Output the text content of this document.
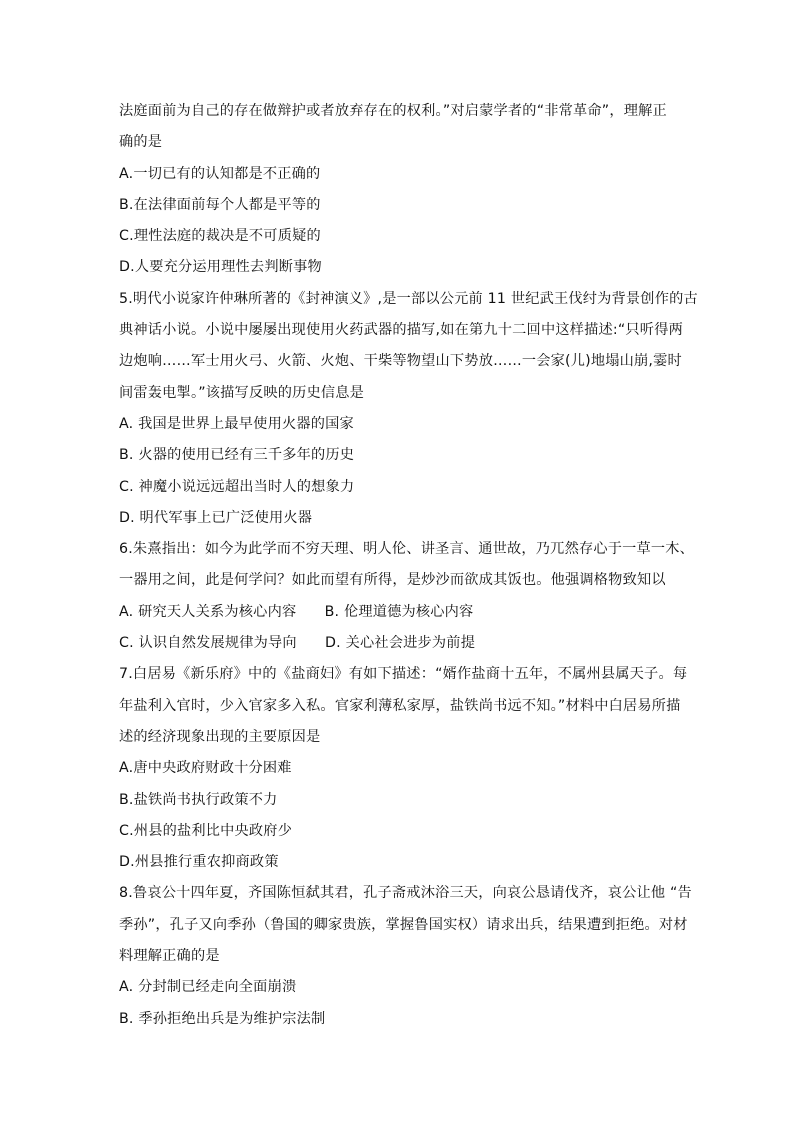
法庭面前为自己的存在做辩护或者放弃存在的权利。”对启蒙学者的“非常革命”，理解正
确的是
A.一切已有的认知都是不正确的
B.在法律面前每个人都是平等的
C.理性法庭的裁决是不可质疑的
D.人要充分运用理性去判断事物
5.明代小说家许仲琳所著的《封神演义》,是一部以公元前 11 世纪武王伐纣为背景创作的古
典神话小说。小说中屡屡出现使用火药武器的描写,如在第九十二回中这样描述:“只听得两
边炮响……军士用火弓、火箭、火炮、干柴等物望山下势放……一会家(儿)地塌山崩,霎时
间雷轰电掣。”该描写反映的历史信息是
A. 我国是世界上最早使用火器的国家
B. 火器的使用已经有三千多年的历史
C. 神魔小说远远超出当时人的想象力
D. 明代军事上已广泛使用火器
6.朱熹指出：如今为此学而不穷天理、明人伦、讲圣言、通世故，乃兀然存心于一草一木、
一器用之间，此是何学问？如此而望有所得，是炒沙而欲成其饭也。他强调格物致知以
A. 研究天人关系为核心内容      B. 伦理道德为核心内容
C. 认识自然发展规律为导向      D. 关心社会进步为前提
7.白居易《新乐府》中的《盐商妇》有如下描述：“婿作盐商十五年，不属州县属天子。每
年盐利入官时，少入官家多入私。官家利薄私家厚，盐铁尚书远不知。”材料中白居易所描
述的经济现象出现的主要原因是
A.唐中央政府财政十分困难
B.盐铁尚书执行政策不力
C.州县的盐利比中央政府少
D.州县推行重农抑商政策
8.鲁哀公十四年夏，齐国陈恒弑其君，孔子斋戒沐浴三天，向哀公恳请伐齐，哀公让他 “告
季孙”，孔子又向季孙（鲁国的卿家贵族，掌握鲁国实权）请求出兵，结果遭到拒绝。对材
料理解正确的是
A. 分封制已经走向全面崩溃
B. 季孙拒绝出兵是为维护宗法制
